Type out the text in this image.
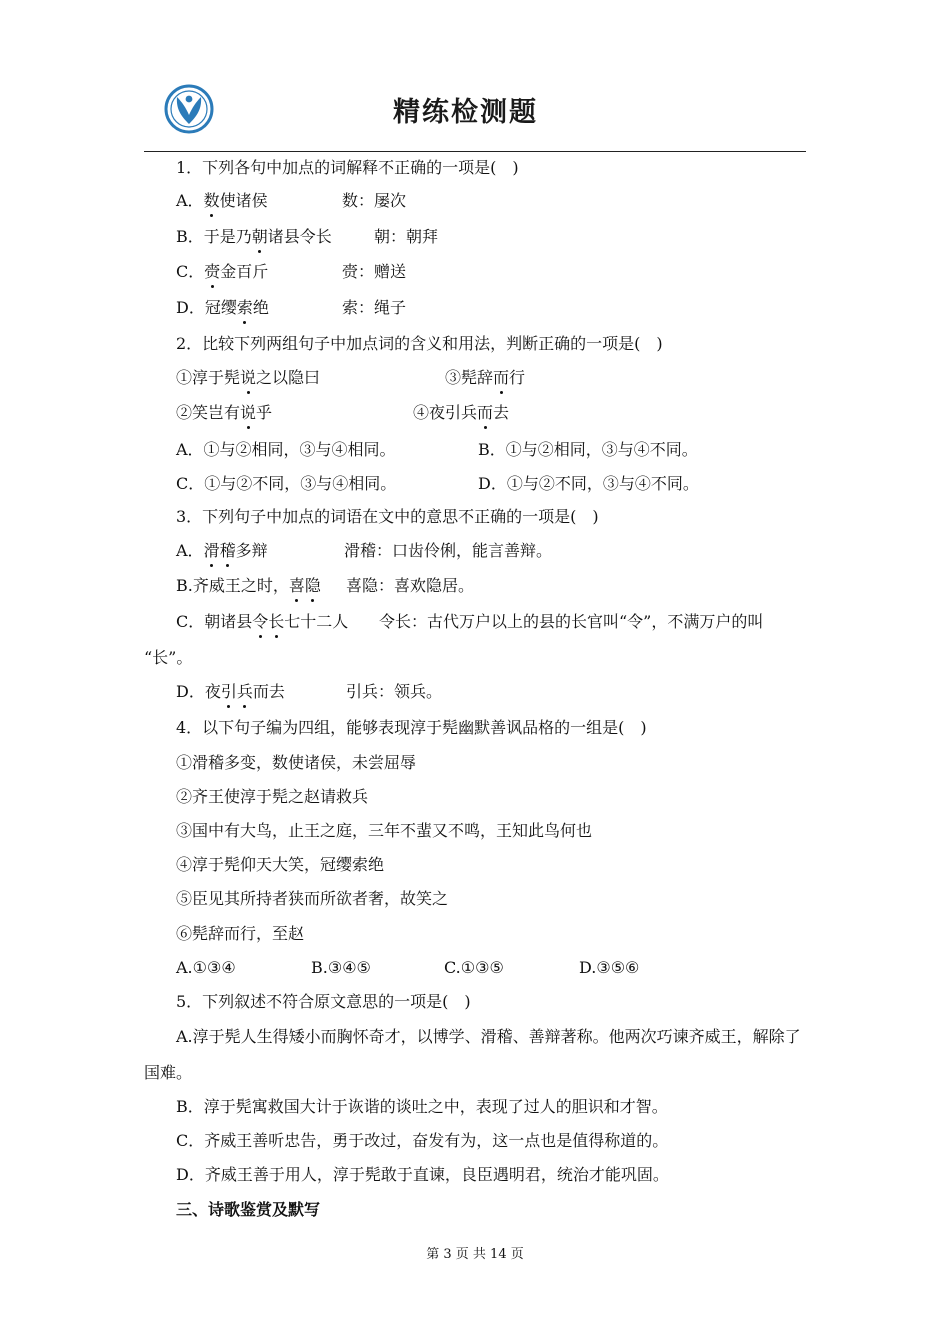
精练检测题
1．下列各句中加点的词解释不正确的一项是(　)
A．数使诸侯	数：屡次
B．于是乃朝诸县令长	朝：朝拜
C．赍金百斤	赍：赠送
D．冠缨索绝	索：绳子
2．比较下列两组句子中加点词的含义和用法，判断正确的一项是(　)
①淳于髡说之以隐曰	③髡辞而行
②笑岂有说乎	④夜引兵而去
A．①与②相同，③与④相同。	B．①与②相同，③与④不同。
C．①与②不同，③与④相同。	D．①与②不同，③与④不同。
3．下列句子中加点的词语在文中的意思不正确的一项是(　)
A．滑稽多辩	滑稽：口齿伶俐，能言善辩。
B.齐威王之时，喜隐 喜隐：喜欢隐居。
C．朝诸县令长七十二人 令长：古代万户以上的县的长官叫“令”，不满万户的叫
“长”。
D．夜引兵而去	引兵：领兵。
4．以下句子编为四组，能够表现淳于髡幽默善讽品格的一组是(　)
①滑稽多变，数使诸侯，未尝屈辱
②齐王使淳于髡之赵请救兵
③国中有大鸟，止王之庭，三年不蜚又不鸣，王知此鸟何也
④淳于髡仰天大笑，冠缨索绝
⑤臣见其所持者狭而所欲者奢，故笑之
⑥髡辞而行，至赵
A.①③④	B.③④⑤	C.①③⑤	D.③⑤⑥
5．下列叙述不符合原文意思的一项是(　)
A.淳于髡人生得矮小而胸怀奇才，以博学、滑稽、善辩著称。他两次巧谏齐威王，解除了
国难。
B．淳于髡寓救国大计于诙谐的谈吐之中，表现了过人的胆识和才智。
C．齐威王善听忠告，勇于改过，奋发有为，这一点也是值得称道的。
D．齐威王善于用人，淳于髡敢于直谏，良臣遇明君，统治才能巩固。
三、诗歌鉴赏及默写
第 3 页 共 14 页
